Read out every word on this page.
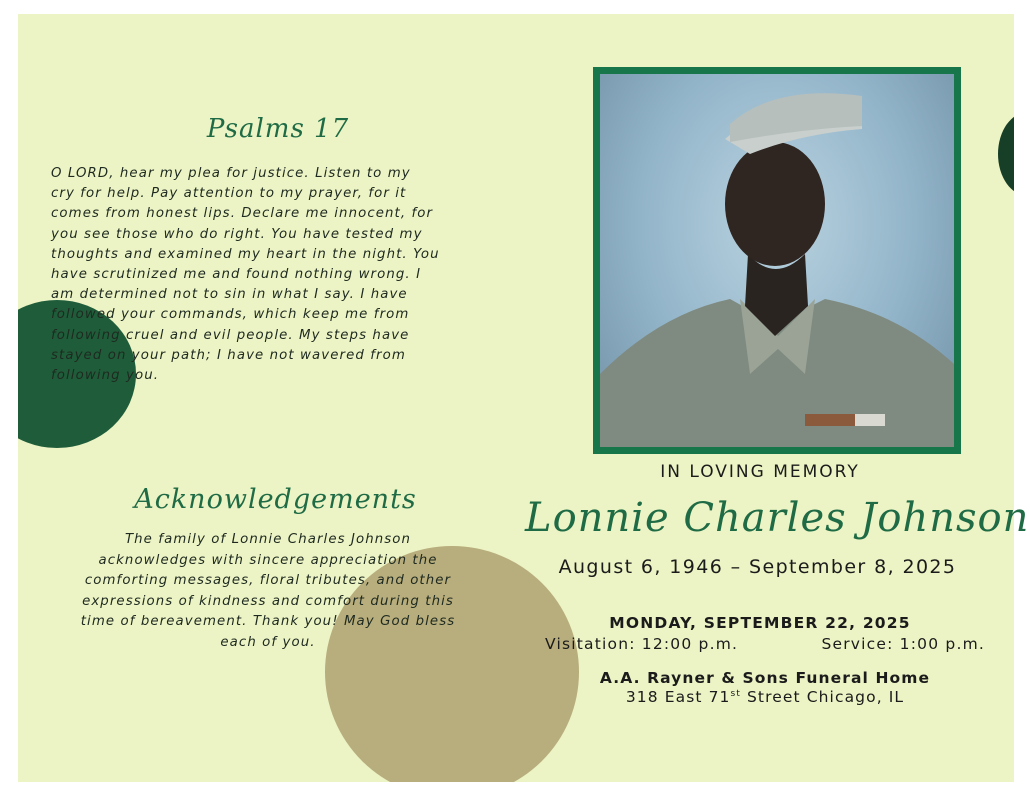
Psalms 17
O LORD, hear my plea for justice. Listen to my
cry for help. Pay attention to my prayer, for it
comes from honest lips. Declare me innocent, for
you see those who do right. You have tested my
thoughts and examined my heart in the night. You
have scrutinized me and found nothing wrong. I
am determined not to sin in what I say. I have
followed your commands, which keep me from
following cruel and evil people. My steps have
stayed on your path; I have not wavered from
following you.
Acknowledgements
The family of Lonnie Charles Johnson
acknowledges with sincere appreciation the
comforting messages, floral tributes, and other
expressions of kindness and comfort during this
time of bereavement. Thank you! May God bless
each of you.
IN LOVING MEMORY
Lonnie Charles Johnson
August 6, 1946 – September 8, 2025
MONDAY, SEPTEMBER 22, 2025
Visitation: 12:00 p.m.	Service: 1:00 p.m.
A.A. Rayner & Sons Funeral Home
318 East 71st Street Chicago, IL
